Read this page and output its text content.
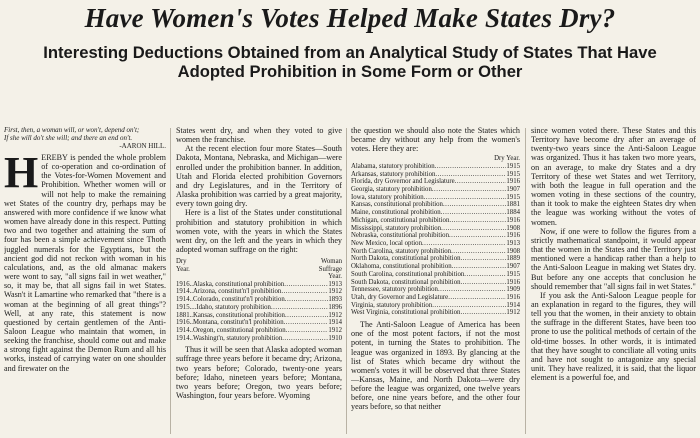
Have Women's Votes Helped Make States Dry?
Interesting Deductions Obtained from an Analytical Study of States That Have Adopted Prohibition in Some Form or Other

First, then, a woman will, or won't, depend on't;

If she will do't she will; and there an end on't.

-AARON HILL.

HEREBY is pended the whole problem of co-operation and co-ordination of the Votes-for-Women Movement and Prohibition. Whether women will or will not help to make the remaining wet States of the country dry, perhaps may be answered with more confidence if we know what women have already done in this respect. Putting two and two together and attaining the sum of four has been a simple achievement since Thoth juggled numerals for the Egyptians, but the ancient god did not reckon with woman in his calculations, and, as the old almanac makers were wont to say, "all signs fail in wet weather," so, it may be, that all signs fail in wet States. Wasn't it Lamartine who remarked that "there is a woman at the beginning of all great things"? Well, at any rate, this statement is now questioned by certain gentlemen of the Anti-Saloon League who maintain that women, in seeking the franchise, should come out and make a strong fight against the Demon Rum and all his works, instead of carrying water on one shoulder and firewater on the

States went dry, and when they voted to give women the franchise.

At the recent election four more States—South Dakota, Montana, Nebraska, and Michigan—were enrolled under the prohibition banner. In addition, Utah and Florida elected prohibition Governors and dry Legislatures, and in the Territory of Alaska prohibition was carried by a great majority, every town going dry.

Here is a list of the States under constitutional prohibition and statutory prohibition in which women vote, with the years in which the States went dry, on the left and the years in which they adopted woman suffrage on the right:

Dry
Year.
Woman
Suffrage
Year.
1916..Alaska, constitutional prohibition .....	1913
1914..Arizona, constitut'n'l prohibition .....	1912
1914..Colorado, constitut'n'l prohibition .....	1893
1915....Idaho, statutory prohibition .....	1896
1881..Kansas, constitutional prohibition .....	1912
1916..Montana, constitut'n'l prohibition .....	1914
1914..Oregon, constitutional prohibition .....	1912
1914..Washingt'n, statutory prohibition .....	1910

Thus it will be seen that Alaska adopted woman suffrage three years before it became dry; Arizona, two years before; Colorado, twenty-one years before; Idaho, nineteen years before; Montana, two years before; Oregon, two years before; Washington, four years before. Wyoming

the question we should also note the States which became dry without any help from the women's votes. Here they are:

Dry Year.
Alabama, statutory prohibition .....	1915
Arkansas, statutory prohibition .....	1915
Florida, dry Governor and Legislature .....	1916
Georgia, statutory prohibition .....	1907
Iowa, statutory prohibition .....	1915
Kansas, constitutional prohibition .....	1881
Maine, constitutional prohibition .....	1884
Michigan, constitutional prohibition .....	1916
Mississippi, statutory prohibition .....	1908
Nebraska, constitutional prohibition .....	1916
New Mexico, local option .....	1913
North Carolina, statutory prohibition .....	1908
North Dakota, constitutional prohibition .....	1889
Oklahoma, constitutional prohibition .....	1907
South Carolina, constitutional prohibition .....	1915
South Dakota, constitutional prohibition .....	1916
Tennessee, statutory prohibition .....	1909
Utah, dry Governor and Legislature .....	1916
Virginia, statutory prohibition .....	1914
West Virginia, constitutional prohibition .....	1912

The Anti-Saloon League of America has been one of the most potent factors, if not the most potent, in turning the States to prohibition. The league was organized in 1893. By glancing at the list of States which became dry without the women's votes it will be observed that three States—Kansas, Maine, and North Dakota—were dry before the league was organized, one twelve years before, one nine years before, and the other four years before, so that neither

since women voted there. These States and this Territory have become dry after an average of twenty-two years since the Anti-Saloon League was organized. Thus it has taken two more years, on an average, to make dry States and a dry Territory of these wet States and wet Territory, with both the league in full operation and the women voting in these sections of the country, than it took to make the eighteen States dry when the league was working without the votes of women.

Now, if one were to follow the figures from a strictly mathematical standpoint, it would appear that the women in the States and the Territory just mentioned were a handicap rather than a help to the Anti-Saloon League in making wet States dry. But before any one accepts that conclusion he should remember that "all signs fail in wet States."

If you ask the Anti-Saloon League people for an explanation in regard to the figures, they will tell you that the women, in their anxiety to obtain the suffrage in the different States, have been too prone to use the political methods of certain of the old-time bosses. In other words, it is intimated that they have sought to conciliate all voting units and have not sought to antagonize any special unit. They have realized, it is said, that the liquor element is a powerful foe, and
